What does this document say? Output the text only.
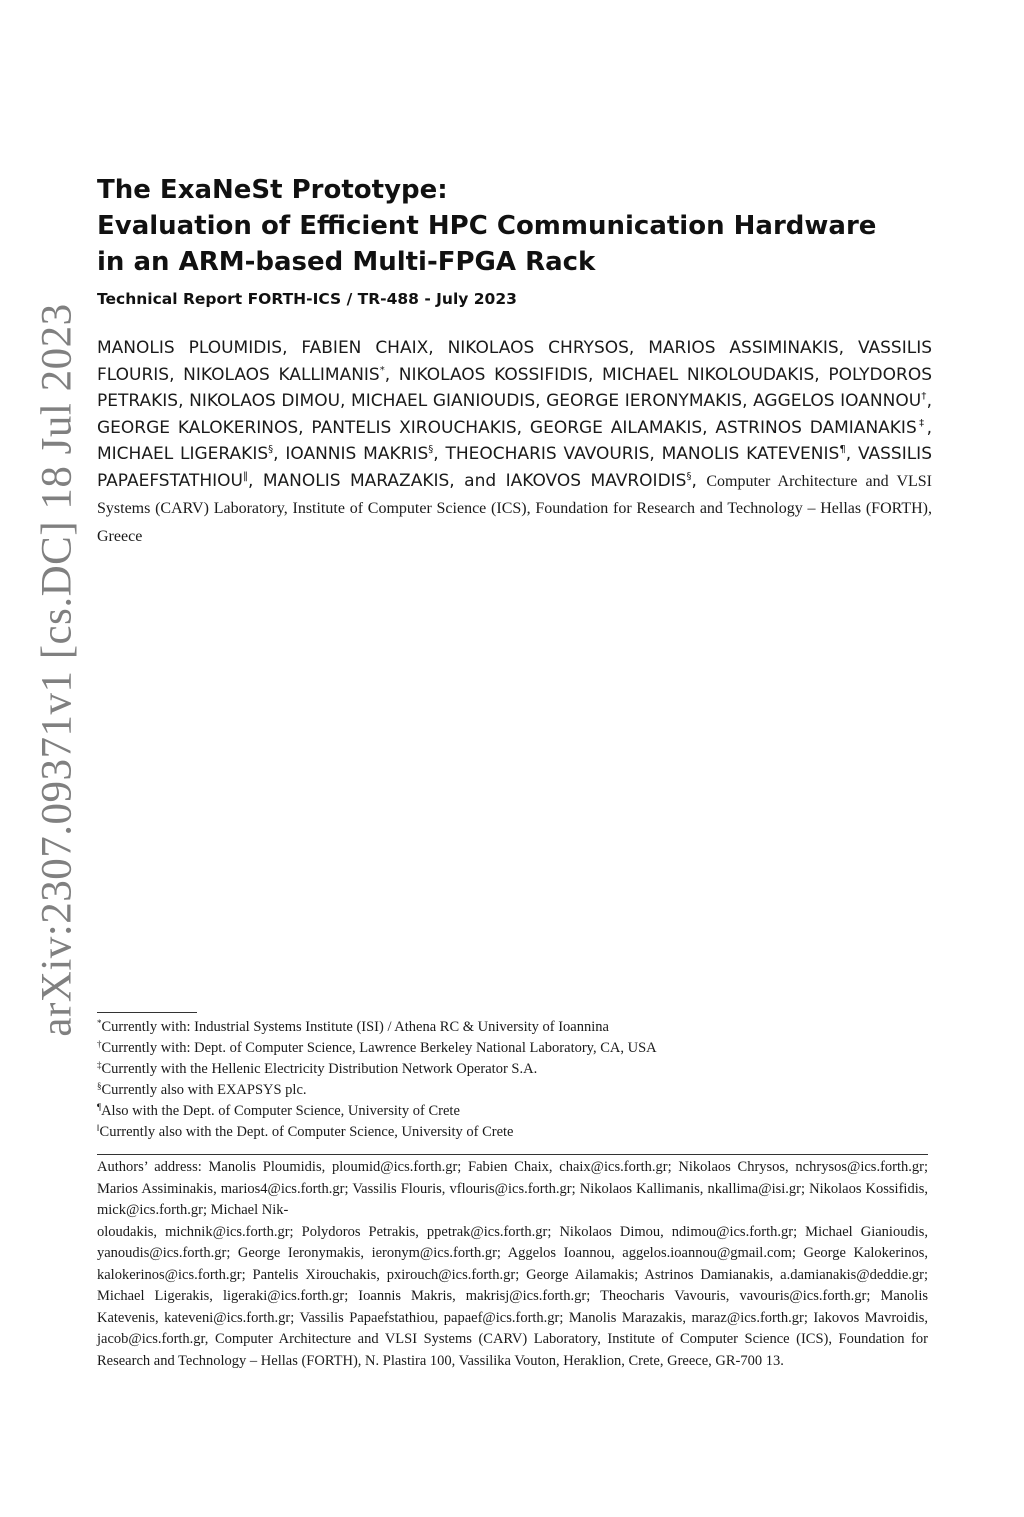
arXiv:2307.09371v1 [cs.DC] 18 Jul 2023
The ExaNeSt Prototype:
Evaluation of Efficient HPC Communication Hardware
in an ARM-based Multi-FPGA Rack
Technical Report FORTH-ICS / TR-488 - July 2023
MANOLIS PLOUMIDIS, FABIEN CHAIX, NIKOLAOS CHRYSOS, MARIOS ASSIMINAKIS, VASSILIS FLOURIS, NIKOLAOS KALLIMANIS*, NIKOLAOS KOSSIFIDIS, MICHAEL NIKOLOUDAKIS, POLYDOROS PETRAKIS, NIKOLAOS DIMOU, MICHAEL GIANIOUDIS, GEORGE IERONYMAKIS, AGGELOS IOANNOU†, GEORGE KALOKERINOS, PANTELIS XIROUCHAKIS, GEORGE AILAMAKIS, ASTRINOS DAMIANAKIS‡, MICHAEL LIGERAKIS§, IOANNIS MAKRIS§, THEOCHARIS VAVOURIS, MANOLIS KATEVENIS¶, VASSILIS PAPAEFSTATHIOU‖, MANOLIS MARAZAKIS, and IAKOVOS MAVROIDIS§, Computer Architecture and VLSI Systems (CARV) Laboratory, Institute of Computer Science (ICS), Foundation for Research and Technology – Hellas (FORTH), Greece
*Currently with: Industrial Systems Institute (ISI) / Athena RC & University of Ioannina
†Currently with: Dept. of Computer Science, Lawrence Berkeley National Laboratory, CA, USA
‡Currently with the Hellenic Electricity Distribution Network Operator S.A.
§Currently also with EXAPSYS plc.
¶Also with the Dept. of Computer Science, University of Crete
‖Currently also with the Dept. of Computer Science, University of Crete
Authors’ address: Manolis Ploumidis, ploumid@ics.forth.gr; Fabien Chaix, chaix@ics.forth.gr; Nikolaos Chrysos, nchrysos@ics.forth.gr; Marios Assiminakis, marios4@ics.forth.gr; Vassilis Flouris, vflouris@ics.forth.gr; Nikolaos Kallimanis, nkallima@isi.gr; Nikolaos Kossifidis, mick@ics.forth.gr; Michael Nik-
oloudakis, michnik@ics.forth.gr; Polydoros Petrakis, ppetrak@ics.forth.gr; Nikolaos Dimou, ndimou@ics.forth.gr; Michael Gianioudis, yanoudis@ics.forth.gr; George Ieronymakis, ieronym@ics.forth.gr; Aggelos Ioannou, aggelos.ioannou@gmail.com; George Kalokerinos, kalokerinos@ics.forth.gr; Pantelis Xirouchakis, pxirouch@ics.forth.gr; George Ailamakis; Astrinos Damianakis, a.damianakis@deddie.gr; Michael Ligerakis, ligeraki@ics.forth.gr; Ioannis Makris, makrisj@ics.forth.gr; Theocharis Vavouris, vavouris@ics.forth.gr; Manolis Katevenis, kateveni@ics.forth.gr; Vassilis Papaefstathiou, papaef@ics.forth.gr; Manolis Marazakis, maraz@ics.forth.gr; Iakovos Mavroidis, jacob@ics.forth.gr, Computer Architecture and VLSI Systems (CARV) Laboratory, Institute of Computer Science (ICS), Foundation for Research and Technology – Hellas (FORTH), N. Plastira 100, Vassilika Vouton, Heraklion, Crete, Greece, GR-700 13.
